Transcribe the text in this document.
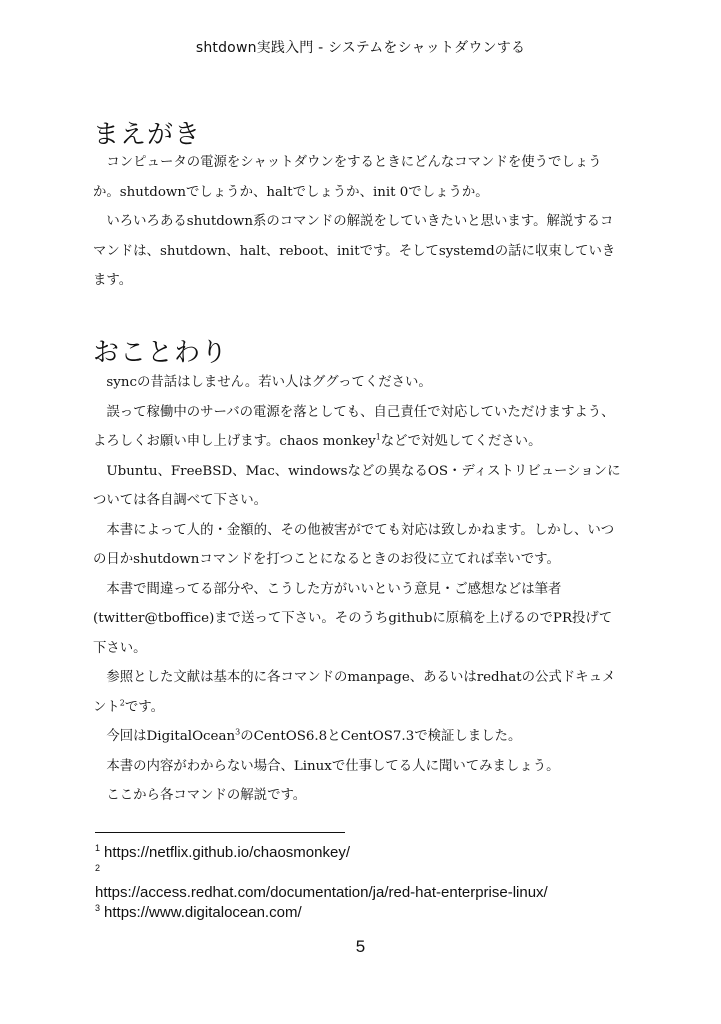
shtdown実践入門 - システムをシャットダウンする
まえがき

コンピュータの電源をシャットダウンをするときにどんなコマンドを使うでしょうか。shutdownでしょうか、haltでしょうか、init 0でしょうか。

いろいろあるshutdown系のコマンドの解説をしていきたいと思います。解説するコマンドは、shutdown、halt、reboot、initです。そしてsystemdの話に収束していきます。

おことわり

syncの昔話はしません。若い人はググってください。

誤って稼働中のサーバの電源を落としても、自己責任で対応していただけますよう、よろしくお願い申し上げます。chaos monkey$^1$などで対処してください。

Ubuntu、FreeBSD、Mac、windowsなどの異なるOS・ディストリビューションについては各自調べて下さい。

本書によって人的・金額的、その他被害がでても対応は致しかねます。しかし、いつの日かshutdownコマンドを打つことになるときのお役に立てれば幸いです。

本書で間違ってる部分や、こうした方がいいという意見・ご感想などは筆者(twitter@tboffice)まで送って下さい。そのうちgithubに原稿を上げるのでPR投げて下さい。

参照とした文献は基本的に各コマンドのmanpage、あるいはredhatの公式ドキュメント$^2$です。

今回はDigitalOcean$^3$のCentOS6.8とCentOS7.3で検証しました。

本書の内容がわからない場合、Linuxで仕事してる人に聞いてみましょう。

ここから各コマンドの解説です。

$^1$ https://netflix.github.io/chaosmonkey/
$^2$
https://access.redhat.com/documentation/ja/red-hat-enterprise-linux/
$^3$ https://www.digitalocean.com/
5
